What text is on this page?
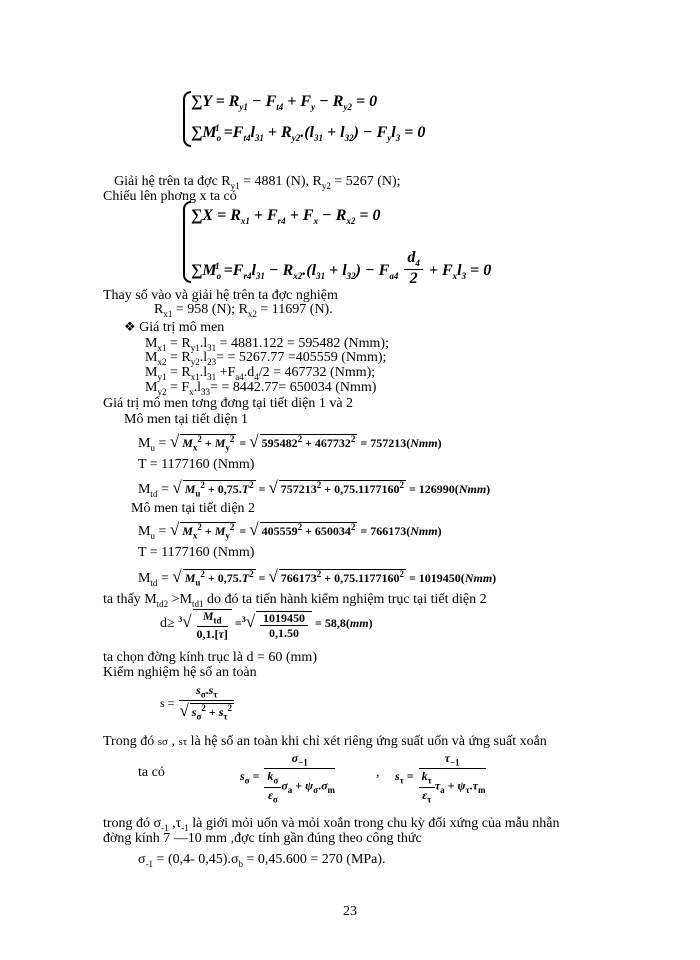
$\sum Y = R_{y1} - F_{t4} + F_y - R_{y2} = 0$
$\sum M_o^1 =F_{t4}l_{31} + R_{y2}.(l_{31} + l_{32}) - F_yl_3 = 0$
Giải hệ trên ta đợc $R_{y1} = 4881$ (N), $R_{y2} = 5267$ (N);
Chiếu lên phơng x ta có
$\sum X = R_{x1} + F_{r4} + F_x - R_{x2} = 0$
$\sum M_o^1 =F_{r4}l_{31} - R_{x2}.(l_{31} + l_{32}) - F_{a4} \frac{d_4}{2} + F_xl_3 = 0$
Thay số vào và giải hệ trên ta đợc nghiệm
$R_{x1} = 958$ (N); $R_{x2} = 11697$ (N).
❖ Giá trị mô men
$M_{x1} = R_{y1}.l_{31} = 4881.122 = 595482$ (Nmm);
$M_{x2} = R_{y2}.l_{23}= = 5267.77 =405559$ (Nmm);
$M_{y1} = R_{x1}.l_{31} +F_{a4}.d_4/2 = 467732$ (Nmm);
$M_{y2} = F_x.l_{33}= = 8442.77= 650034$ (Nmm)
Giá trị mô men tơng đơng tại tiết diện 1 và 2
Mô men tại tiết diện 1
$M_u$ = √ $M_x^2 + M_y^2$ = √ $595482^2 + 467732^2 = 757213(Nmm)$
T = 1177160 (Nmm)
$M_{td}$ = √ $M_u^2 + 0,75.T^2$ = √ $757213^2 + 0,75.1177160^2 = 126990(Nmm)$
Mô men tại tiết diện 2
$M_u$ = √ $M_x^2 + M_y^2$ = √ $405559^2 + 650034^2 = 766173(Nmm)$
T = 1177160 (Nmm)
$M_{td}$ = √ $M_u^2 + 0,75.T^2$ = √ $766173^2 + 0,75.1177160^2 = 1019450(Nmm)$
ta thấy $M_{td2} >M_{td1}$ do đó ta tiến hành kiểm nghiệm trục tại tiết diện 2
$d\ge ^3√ \frac{M_{td}}{0,1.[\tau]} =^3√ \frac{1019450}{0,1.50} = 58,8(mm)$
ta chọn đờng kính trục là d = 60 (mm)
Kiểm nghiệm hệ số an toàn
$s = \frac{s_\sigma.s_\tau}{√ s_\sigma^2 + s_\tau^2}$
Trong đó sσ , sτ là hệ số an toàn khi chỉ xét riêng ứng suất uốn và ứng suất xoắn
ta có	$s_\sigma = \frac{\sigma_{-1}}{\frac{k_\sigma}{\varepsilon_\sigma} \sigma_a + \psi_\sigma.\sigma_m}$	, $s_\tau = \frac{\tau_{-1}}{\frac{k_\tau}{\varepsilon_\tau} \tau_a + \psi_\tau.\tau_m}$
trong đó $\sigma_{-1}$ $,\tau_{-1}$ là giới mỏi uốn và mỏi xoắn trong chu kỳ đối xứng của mẫu nhẵn
đờng kính 7 —10 mm ,đợc tính gần đúng theo công thức
$\sigma_{-1} = (0,4-$ $0,45).\sigma_b = 0,45.600 = 270$ (MPa).
23
